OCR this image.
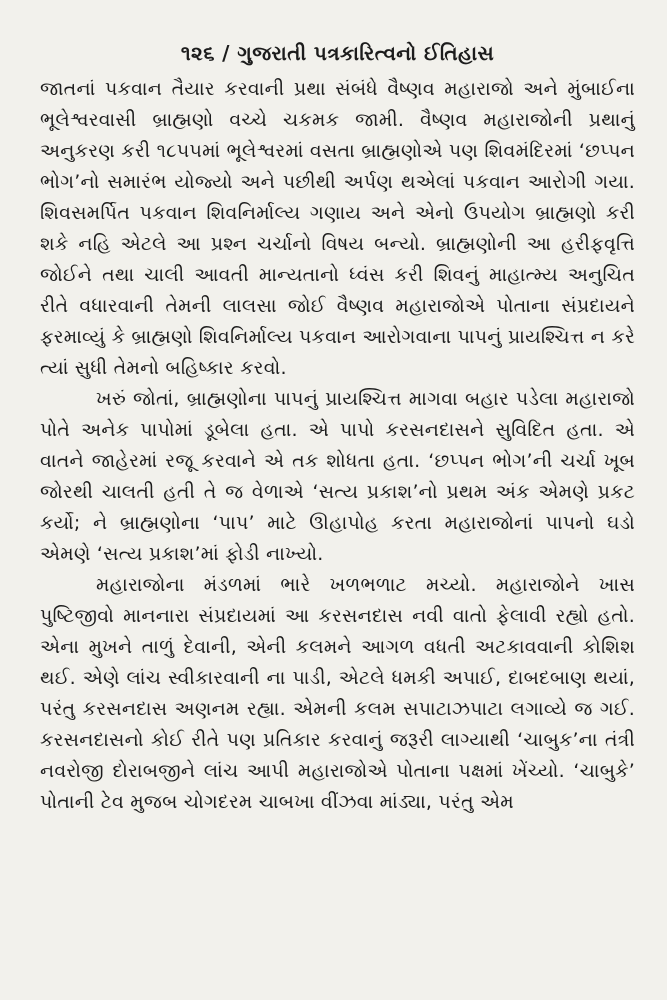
૧૨૬ / ગુજરાતી પત્રકારિત્વનો ઈતિહાસ

જાતનાં પકવાન તૈયાર કરવાની પ્રથા સંબંધે વૈષ્ણવ મહારાજો અને મુંબાઈના ભૂલેશ્વરવાસી બ્રાહ્મણો વચ્ચે ચકમક જામી. વૈષ્ણવ મહારાજોની પ્રથાનું અનુકરણ કરી ૧૮૫૫માં ભૂલેશ્વરમાં વસતા બ્રાહ્મણોએ પણ શિવમંદિરમાં ‘છપ્પન ભોગ’નો સમારંભ યોજ્યો અને પછીથી અર્પણ થએલાં પકવાન આરોગી ગયા. શિવસમર્પિત પકવાન શિવનિર્માલ્ય ગણાય અને એનો ઉપયોગ બ્રાહ્મણો કરી શકે નહિ એટલે આ પ્રશ્ન ચર્ચાનો વિષય બન્યો. બ્રાહ્મણોની આ હરીફવૃત્તિ જોઈને તથા ચાલી આવતી માન્યતાનો ધ્વંસ કરી શિવનું માહાત્મ્ય અનુચિત રીતે વધારવાની તેમની લાલસા જોઈ વૈષ્ણવ મહારાજોએ પોતાના સંપ્રદાયને ફરમાવ્યું કે બ્રાહ્મણો શિવનિર્માલ્ય પકવાન આરોગવાના પાપનું પ્રાયશ્ચિત્ત ન કરે ત્યાં સુધી તેમનો બહિષ્કાર કરવો.

ખરું જોતાં, બ્રાહ્મણોના પાપનું પ્રાયશ્ચિત્ત માગવા બહાર પડેલા મહારાજો પોતે અનેક પાપોમાં ડૂબેલા હતા. એ પાપો કરસનદાસને સુવિદિત હતા. એ વાતને જાહેરમાં રજૂ કરવાને એ તક શોધતા હતા. ‘છપ્પન ભોગ’ની ચર્ચા ખૂબ જોરથી ચાલતી હતી તે જ વેળાએ ‘સત્ય પ્રકાશ’નો પ્રથમ અંક એમણે પ્રકટ કર્યો; ને બ્રાહ્મણોના ‘પાપ’ માટે ઊહાપોહ કરતા મહારાજોનાં પાપનો ઘડો એમણે ‘સત્ય પ્રકાશ’માં ફોડી નાખ્યો.

મહારાજોના મંડળમાં ભારે ખળભળાટ મચ્યો. મહારાજોને ખાસ પુષ્ટિજીવો માનનારા સંપ્રદાયમાં આ કરસનદાસ નવી વાતો ફેલાવી રહ્યો હતો. એના મુખને તાળું દેવાની, એની કલમને આગળ વધતી અટકાવવાની કોશિશ થઈ. એણે લાંચ સ્વીકારવાની ના પાડી, એટલે ધમકી અપાઈ, દાબદબાણ થયાં, પરંતુ કરસનદાસ અણનમ રહ્યા. એમની કલમ સપાટાઝપાટા લગાવ્યે જ ગઈ. કરસનદાસનો કોઈ રીતે પણ પ્રતિકાર કરવાનું જરૂરી લાગ્યાથી ‘ચાબુક’ના તંત્રી નવરોજી દોરાબજીને લાંચ આપી મહારાજોએ પોતાના પક્ષમાં ખેંચ્યો. ‘ચાબુકે’ પોતાની ટેવ મુજબ ચોગદરમ ચાબખા વીંઝવા માંડ્યા, પરંતુ એમ
